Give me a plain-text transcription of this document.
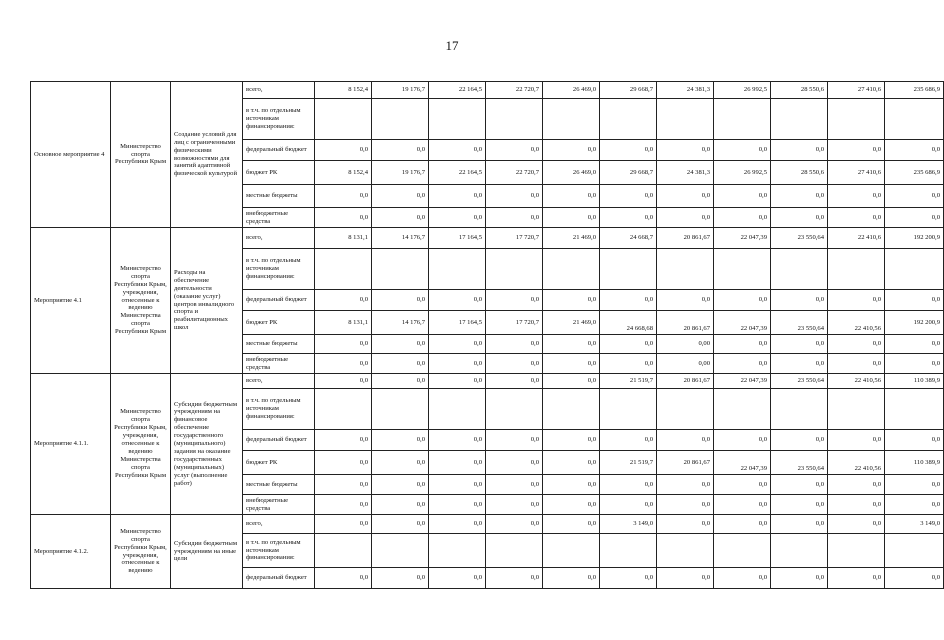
17
Основное мероприятие 4	Министерство спорта Республики Крым	Создание условий для лиц с ограниченными физическими возможностями для занятий адаптивной физической культурой	всего,	8 152,4	19 176,7	22 164,5	22 720,7	26 469,0	29 668,7	24 381,3	26 992,5	28 550,6	27 410,6	235 686,9
			в т.ч. по отдельным источникам финансирования:											
			федеральный бюджет	0,0	0,0	0,0	0,0	0,0	0,0	0,0	0,0	0,0	0,0	0,0
			бюджет РК	8 152,4	19 176,7	22 164,5	22 720,7	26 469,0	29 668,7	24 381,3	26 992,5	28 550,6	27 410,6	235 686,9
			местные бюджеты	0,0	0,0	0,0	0,0	0,0	0,0	0,0	0,0	0,0	0,0	0,0
			внебюджетные средства	0,0	0,0	0,0	0,0	0,0	0,0	0,0	0,0	0,0	0,0	0,0
Мероприятие 4.1	Министерство спорта Республики Крым, учреждения, отнесенные к ведению Министерства спорта Республики Крым	Расходы на обеспечение деятельности (оказание услуг) центров инвалидного спорта и реабилитационных школ	всего,	8 131,1	14 176,7	17 164,5	17 720,7	21 469,0	24 668,7	20 861,67	22 047,39	23 550,64	22 410,6	192 200,9
			в т.ч. по отдельным источникам финансирования:											
			федеральный бюджет	0,0	0,0	0,0	0,0	0,0	0,0	0,0	0,0	0,0	0,0	0,0
			бюджет РК	8 131,1	14 176,7	17 164,5	17 720,7	21 469,0	24 668,68	20 861,67	22 047,39	23 550,64	22 410,56	192 200,9
			местные бюджеты	0,0	0,0	0,0	0,0	0,0	0,0	0,00	0,0	0,0	0,0	0,0
			внебюджетные средства	0,0	0,0	0,0	0,0	0,0	0,0	0,00	0,0	0,0	0,0	0,0
Мероприятие 4.1.1.	Министерство спорта Республики Крым, учреждения, отнесенные к ведению Министерства спорта Республики Крым	Субсидии бюджетным учреждениям на финансовое обеспечение государственного (муниципального) задания на оказание государственных (муниципальных) услуг (выполнение работ)	всего,	0,0	0,0	0,0	0,0	0,0	21 519,7	20 861,67	22 047,39	23 550,64	22 410,56	110 389,9
			в т.ч. по отдельным источникам финансирования:											
			федеральный бюджет	0,0	0,0	0,0	0,0	0,0	0,0	0,0	0,0	0,0	0,0	0,0
			бюджет РК	0,0	0,0	0,0	0,0	0,0	21 519,7	20 861,67	22 047,39	23 550,64	22 410,56	110 389,9
			местные бюджеты	0,0	0,0	0,0	0,0	0,0	0,0	0,0	0,0	0,0	0,0	0,0
			внебюджетные средства	0,0	0,0	0,0	0,0	0,0	0,0	0,0	0,0	0,0	0,0	0,0
Мероприятие 4.1.2.	Министерство спорта Республики Крым, учреждения, отнесенные к ведению	Субсидии бюджетным учреждениям на иные цели	всего,	0,0	0,0	0,0	0,0	0,0	3 149,0	0,0	0,0	0,0	0,0	3 149,0
			в т.ч. по отдельным источникам финансирования:											
			федеральный бюджет	0,0	0,0	0,0	0,0	0,0	0,0	0,0	0,0	0,0	0,0	0,0
